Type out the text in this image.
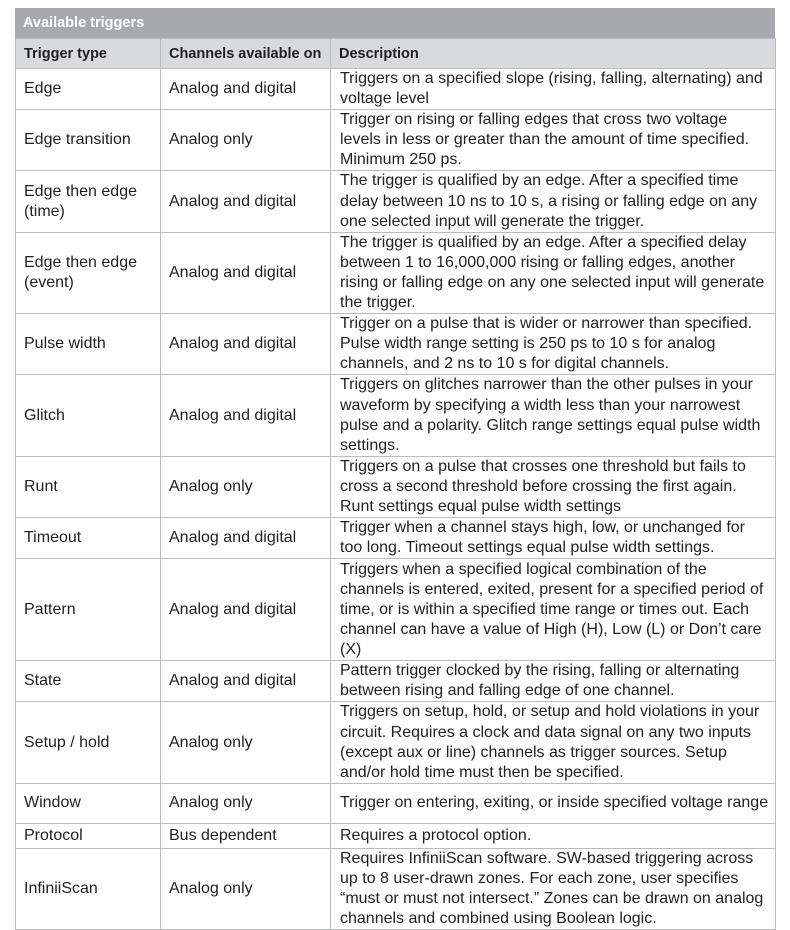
Available triggers
Trigger type	Channels available on	Description
Edge	Analog and digital	Triggers on a specified slope (rising, falling, alternating) and voltage level
Edge transition	Analog only	Trigger on rising or falling edges that cross two voltage levels in less or greater than the amount of time specified. Minimum 250 ps.
Edge then edge (time)	Analog and digital	The trigger is qualified by an edge. After a specified time delay between 10 ns to 10 s, a rising or falling edge on any one selected input will generate the trigger.
Edge then edge (event)	Analog and digital	The trigger is qualified by an edge. After a specified delay between 1 to 16,000,000 rising or falling edges, another rising or falling edge on any one selected input will generate the trigger.
Pulse width	Analog and digital	Trigger on a pulse that is wider or narrower than specified. Pulse width range setting is 250 ps to 10 s for analog channels, and 2 ns to 10 s for digital channels.
Glitch	Analog and digital	Triggers on glitches narrower than the other pulses in your waveform by specifying a width less than your narrowest pulse and a polarity. Glitch range settings equal pulse width settings.
Runt	Analog only	Triggers on a pulse that crosses one threshold but fails to cross a second threshold before crossing the first again. Runt settings equal pulse width settings
Timeout	Analog and digital	Trigger when a channel stays high, low, or unchanged for too long. Timeout settings equal pulse width settings.
Pattern	Analog and digital	Triggers when a specified logical combination of the channels is entered, exited, present for a specified period of time, or is within a specified time range or times out. Each channel can have a value of High (H), Low (L) or Don’t care (X)
State	Analog and digital	Pattern trigger clocked by the rising, falling or alternating between rising and falling edge of one channel.
Setup / hold	Analog only	Triggers on setup, hold, or setup and hold violations in your circuit. Requires a clock and data signal on any two inputs (except aux or line) channels as trigger sources. Setup and/or hold time must then be specified.
Window	Analog only	Trigger on entering, exiting, or inside specified voltage range
Protocol	Bus dependent	Requires a protocol option.
InfiniiScan	Analog only	Requires InfiniiScan software. SW-based triggering across up to 8 user-drawn zones. For each zone, user specifies “must or must not intersect.” Zones can be drawn on analog channels and combined using Boolean logic.
